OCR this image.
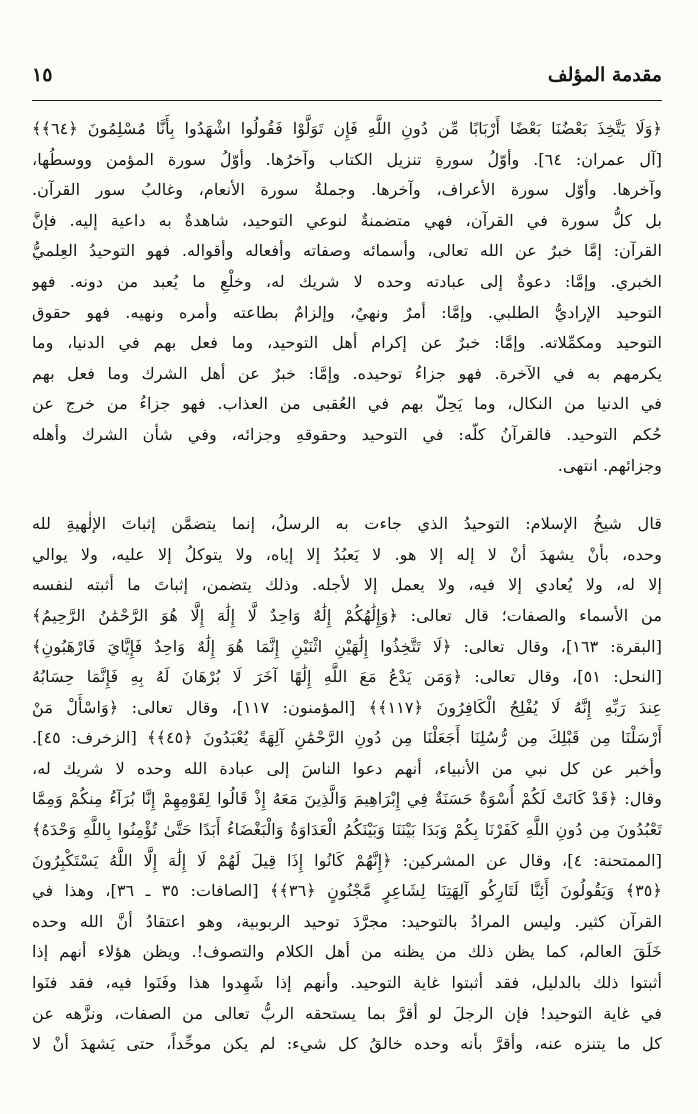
١٥	مقدمة المؤلف

﴿وَلَا يَتَّخِذَ بَعْضُنَا بَعْضًا أَرْبَابًا مِّن دُونِ اللَّهِ فَإِن تَوَلَّوْا فَقُولُوا اشْهَدُوا بِأَنَّا مُسْلِمُونَ ﴿٦٤﴾﴾
[آل عمران: ٦٤]. وأوّلُ سورةِ تنزيل الكتاب وآخرُها. وأوّلُ سورة المؤمن ووسطُها،
وآخرها. وأوّل سورة الأعراف، وآخرها. وجملةُ سورة الأنعام، وغالبُ سور القرآن.
بل كلُّ سورة في القرآن، فهي متضمنةٌ لنوعي التوحيد، شاهدةٌ به داعية إليه. فإنَّ
القرآن: إمَّا خبرٌ عن الله تعالى، وأسمائه وصفاته وأفعاله وأقواله. فهو التوحيدُ العِلميُّ
الخبري. وإمَّا: دعوةٌ إلى عبادته وحده لا شريك له، وخلْعِ ما يُعبد من دونه. فهو
التوحيد الإراديُّ الطلبي. وإمَّا: أمرٌ ونهيٌ، وإلزامٌ بطاعته وأمره ونهيه. فهو حقوق
التوحيد ومكمِّلاته. وإمَّا: خبرٌ عن إكرام أهل التوحيد، وما فعل بهم في الدنيا، وما
يكرمهم به في الآخرة. فهو جزاءُ توحيده. وإمَّا: خبرٌ عن أهل الشرك وما فعل بهم
في الدنيا من النكال، وما يَحِلّ بهم في العُقبى من العذاب. فهو جزاءُ من خرج عن
حُكم التوحيد. فالقرآنُ كلّه: في التوحيد وحقوقهِ وجزائه، وفي شأن الشرك وأهله
وجزائهم. انتهى.

قال شيخُ الإسلام: التوحيدُ الذي جاءت به الرسلُ، إنما يتضمَّن إثباتَ الإلٰهيةِ لله
وحده، بأنْ يشهدَ أنْ لا إله إلا هو. لا يَعبُدُ إلا إياه، ولا يتوكلُ إلا عليه، ولا يوالي
إلا له، ولا يُعادي إلا فيه، ولا يعمل إلا لأجله. وذلك يتضمن، إثباتَ ما أثبته لنفسه
من الأسماء والصفات؛ قال تعالى: ﴿وَإِلَٰهُكُمْ إِلَٰهٌ وَاحِدٌ لَّا إِلَٰهَ إِلَّا هُوَ الرَّحْمَٰنُ الرَّحِيمُ﴾
[البقرة: ١٦٣]، وقال تعالى: ﴿لَا تَتَّخِذُوا إِلَٰهَيْنِ اثْنَيْنِ إِنَّمَا هُوَ إِلَٰهٌ وَاحِدٌ فَإِيَّايَ فَارْهَبُونِ﴾
[النحل: ٥١]، وقال تعالى: ﴿وَمَن يَدْعُ مَعَ اللَّهِ إِلَٰهًا آخَرَ لَا بُرْهَانَ لَهُ بِهِ فَإِنَّمَا حِسَابُهُ
عِندَ رَبِّهِ إِنَّهُ لَا يُفْلِحُ الْكَافِرُونَ ﴿١١٧﴾﴾ [المؤمنون: ١١٧]، وقال تعالى: ﴿وَاسْأَلْ مَنْ
أَرْسَلْنَا مِن قَبْلِكَ مِن رُّسُلِنَا أَجَعَلْنَا مِن دُونِ الرَّحْمَٰنِ آلِهَةً يُعْبَدُونَ ﴿٤٥﴾﴾ [الزخرف: ٤٥].
وأخبر عن كل نبي من الأنبياء، أنهم دعوا الناسَ إلى عبادة الله وحده لا شريك له،
وقال: ﴿قَدْ كَانَتْ لَكُمْ أُسْوَةٌ حَسَنَةٌ فِي إِبْرَاهِيمَ وَالَّذِينَ مَعَهُ إِذْ قَالُوا لِقَوْمِهِمْ إِنَّا بُرَآءُ مِنكُمْ وَمِمَّا
تَعْبُدُونَ مِن دُونِ اللَّهِ كَفَرْنَا بِكُمْ وَبَدَا بَيْنَنَا وَبَيْنَكُمُ الْعَدَاوَةُ وَالْبَغْضَاءُ أَبَدًا حَتَّىٰ تُؤْمِنُوا بِاللَّهِ وَحْدَهُ﴾
[الممتحنة: ٤]، وقال عن المشركين: ﴿إِنَّهُمْ كَانُوا إِذَا قِيلَ لَهُمْ لَا إِلَٰهَ إِلَّا اللَّهُ يَسْتَكْبِرُونَ
﴿٣٥﴾ وَيَقُولُونَ أَئِنَّا لَتَارِكُو آلِهَتِنَا لِشَاعِرٍ مَّجْنُونٍ ﴿٣٦﴾﴾ [الصافات: ٣٥ ـ ٣٦]، وهذا في
القرآن كثير. وليس المرادُ بالتوحيد: مجرَّدَ توحيد الربوبية، وهو اعتقادُ أنَّ الله وحده
خَلَقَ العالم، كما يظن ذلك من يظنه من أهل الكلام والتصوف!. ويظن هؤلاء أنهم إذا
أثبتوا ذلك بالدليل، فقد أثبتوا غاية التوحيد. وأنهم إذا شَهِدوا هذا وفَنَوا فيه، فقد فنَوا
في غاية التوحيد! فإن الرجلَ لو أقرَّ بما يستحقه الربُّ تعالى من الصفات، ونزَّهه عن
كل ما يتنزه عنه، وأقرَّ بأنه وحده خالقُ كل شيء: لم يكن موحِّداً، حتى يَشهدَ أنْ لا
